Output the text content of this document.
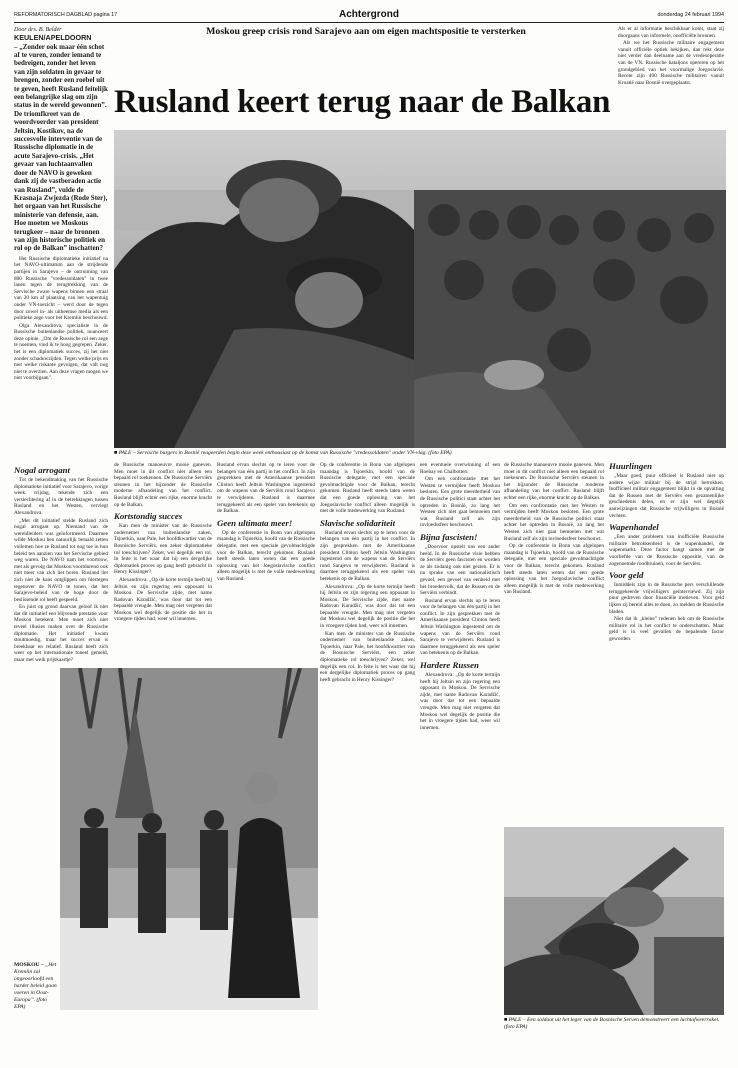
REFORMATORISCH DAGBLAD pagina 17	Achtergrond	donderdag 24 februari 1994
Moskou greep crisis rond Sarajevo aan om eigen machtspositie te versterken
Rusland keert terug naar de Balkan
Door drs. B. Belder
KEULEN/APELDOORN
– „Zonder ook maar één schot af te vuren, zonder iemand te bedreigen, zonder het leven van zijn soldaten in gevaar te brengen, zonder een roebel uit te geven, heeft Rusland feitelijk een belangrijke slag om zijn status in de wereld gewonnen”. De triomfkreet van de woordvoerder van president Jeltsin, Kostikov, na de succesvolle interventie van de Russische diplomatie in de acute Sarajevo-crisis. „Het gevaar van luchtaanvallen door de NAVO is geweken dank zij de vastberaden actie van Rusland”, vulde de Krasnaja Zwjezda (Rode Ster), het orgaan van het Russische ministerie van defensie, aan. Hoe moeten we Moskous terugkeer – naar de bronnen van zijn historische politiek en rol op de Balkan” inschatten?

Het Russische diplomatieke initiatief na het NAVO-ultimatum aan de strijdende partijen in Sarajevo – de ontruiming van 800 Russische "vredessoldaten" in twee lanen tegen de terugtrekking van de Servische zware wapens binnen een straal van 20 km af plaatsing van het wapentuig onder VN-toezicht – werd door de tegen door zowel in- als uitheemse media als een politieke zege voor het Kremlin beschouwd.

Olga Alexandrova, specialiste in de Russische buitenlandse politiek, nuanceert deze opinie. „Om de Russische rol een zege te noemen, vind ik te hoog gegrepen. Zeker, het is een diplomatiek succes, zij het niet zonder schaduwzijden. Tegen welke prijs en met welke riskante gevolgen, dat valt nog niet te overzien. Aan deze vragen mogen we niet voorbijgaan".

■ PALE – Servische burgers in Bosnië reageerden begin deze week enthousiast op de komst van Russische "vredessoldaten" onder VN-vlag. (foto EPA)
Nogal arrogant

Tot de bekendmaking van het Russische diplomatieke initiatief voor Sarajevo, vorige week vrijdag, tekende zich een verslechtering af in de betrekkingen tussen Rusland en het Westen, verviegt Alexandrova.

„Met dit initiatief stelde Rusland zich nogal arrogant op. Niemand van de wereldleiders was geïnformeerd. Daarmee wilde Moskou hen natuurlijk betaald zetten vollemen hoe ze Rusland tot nog toe in hun beleid ten aanzien van het Servische gebied weg waren. De NAVO nam het voortouw, met als gevolg dat Moskou voortdurend ook niet meer van zich liet horen. Rusland liet zich niet de kans ontglippen om hiertegen tegenover de NAVO te tonen, dat het Sarajevo-beleid van de hoge door de beslissende rol heeft gespeeld.

En juist op grond daarvan geloof ik niet dat dit initiatief een blijvende prestatie voor Moskou betekent. Men moet zich niet teveel illusies maken over de Russische diplomatie. Het initiatief kwam stoutmoedig, maar het succes ervan is breekbaar en relatief. Rusland heeft zich weer op het internationale toneel gemeld, maar met welk prijskaartje?

de Russische manoeuvre mooie ganeven. Men moet in dit conflict niet alleen een bepaald rol toekennen. De Russische Serviërs steunen in het bijzonder de Russische moderne afhandeling van het conflict. Rusland blijft echter een rijke, enorme kracht op de Balkan.

Kortstondig succes

Kan men de minister van de Russische ondernemer van buitenlandse zaken, Tsjoerkin, naar Pale, het hoofdkwartier van de Bosnische Serviërs, een zeker diplomatieke rol toeschrijven? Zeker, wel degelijk een rol. In feite is het waar dat hij een dergelijke diplomatiek proces op gang heeft gebracht in Henry Kissinger?

Alexandrova: „Op de korte termijn heeft hij Jeltsin en zijn regering een opposant in Moskou. De Servische zijde, met name Radovan Karadžić, was door dat tot een bepaalde vreugde. Men mag niet vergeten dat Moskou wel degelijk de positie die het in vroegere tijden had, weer wil innemen.

Rusland ervan slechts op te leren voor de belangen van één partij in het conflict. In zijn gesprekken met de Amerikaanse president Clinton heeft Jeltsin Washington ingestemd om de wapens van de Serviërs rond Sarajevo te verwijderen. Rusland is daarmee teruggekeerd als een speler van betekenis op de Balkan.

Geen ultimata meer!

Op de conferentie in Bonn van afgelopen maandag is Tsjoerkin, hoofd van de Russische delegatie, met een speciale gevolmachtigde voor de Balkan, terecht gekomen. Rusland heeft steeds laten weten dat een goede oplossing van het Joegoslavische conflict alleen mogelijk is met de volle medewerking van Rusland.

Op de conferentie in Bonn van afgelopen maandag is Tsjoerkin, hoofd van de Russische delegatie, met een speciale gevolmachtigde voor de Balkan, terecht gekomen. Rusland heeft steeds laten weten dat een goede oplossing van het Joegoslavische conflict alleen mogelijk is met de volle medewerking van Rusland.

Slavische solidariteit

Rusland ervan slechts op te leren voor de belangen van één partij in het conflict. In zijn gesprekken met de Amerikaanse president Clinton heeft Jeltsin Washington ingestemd om de wapens van de Serviërs rond Sarajevo te verwijderen. Rusland is daarmee teruggekeerd als een speler van betekenis op de Balkan.

Alexandrova: „Op de korte termijn heeft hij Jeltsin en zijn regering een opposant in Moskou. De Servische zijde, met name Radovan Karadžić, was door dat tot een bepaalde vreugde. Men mag niet vergeten dat Moskou wel degelijk de positie die het in vroegere tijden had, weer wil innemen.

Kan men de minister van de Russische ondernemer van buitenlandse zaken, Tsjoerkin, naar Pale, het hoofdkwartier van de Bosnische Serviërs, een zeker diplomatieke rol toeschrijven? Zeker, wel degelijk een rol. In feite is het waar dat hij een dergelijke diplomatiek proces op gang heeft gebracht in Henry Kissinger?

een eventuele overwinning of een Roebay en Chalbotten.

Om een confrontatie met het Westen te vermijden heeft Moskou besloten. Een grote meerderheid van de Russische politici staat achter het optreden in Bosnië, zo lang het Westen zich niet gaat bemoeien met wat Rusland zelf als zijn invloedssfeer beschouwt.

Bijna fascisten!

„Doorvoor opstelt ons een ander beeld. In de Russische visie hebben de Serviërs geen fascisten en worden ze als zodanig ook niet gezien. Er is nu sprake van een nationalistisch gevoel, een gevoel van eenheid met het broedervolk, dat de Russen en de Serviërs verbindt.

Rusland ervan slechts op te leren voor de belangen van één partij in het conflict. In zijn gesprekken met de Amerikaanse president Clinton heeft Jeltsin Washington ingestemd om de wapens van de Serviërs rond Sarajevo te verwijderen. Rusland is daarmee teruggekeerd als een speler van betekenis op de Balkan.

Hardere Russen

Alexandrova: „Op de korte termijn heeft hij Jeltsin en zijn regering een opposant in Moskou. De Servische zijde, met name Radovan Karadžić, was door dat tot een bepaalde vreugde. Men mag niet vergeten dat Moskou wel degelijk de positie die het in vroegere tijden had, weer wil innemen.

de Russische manoeuvre mooie ganeven. Men moet in dit conflict niet alleen een bepaald rol toekennen. De Russische Serviërs steunen in het bijzonder de Russische moderne afhandeling van het conflict. Rusland blijft echter een rijke, enorme kracht op de Balkan.

Om een confrontatie met het Westen te vermijden heeft Moskou besloten. Een grote meerderheid van de Russische politici staat achter het optreden in Bosnië, zo lang het Westen zich niet gaat bemoeien met wat Rusland zelf als zijn invloedssfeer beschouwt.

Op de conferentie in Bonn van afgelopen maandag is Tsjoerkin, hoofd van de Russische delegatie, met een speciale gevolmachtigde voor de Balkan, terecht gekomen. Rusland heeft steeds laten weten dat een goede oplossing van het Joegoslavische conflict alleen mogelijk is met de volle medewerking van Rusland.

Als er al informatie beschikbaar komt, staat zij doorgaans van informele, onofficiële bronnen.

Als we het Russische militaire engagement vanuit officiële optiek bekijken, dan rekt deze niet verder dan deelname aan de vredesoperatie van de VN. Russische bataljons opereren op het grondgebied van het voormalige Joegoslavië. Recent zijn 400 Russische militairen vanuit Kroatië naar Bosnië overgeplaatst.

Huurlingen

„Maar goed, puur officieel is Rusland niet op andere wijze militair bij de strijd betrokken. Inofficieel militair engagement blijkt in de opvatting dat de Russen met de Serviërs een gezamenlijke geschiedenis delen, en er zijn wel degelijk aanwijzingen dat Russische vrijwilligers in Bosnië vechten.

Wapenhandel

„Een ander probleem van inofficiële Russische militaire betrokkenheid is de wapenhandel, de wapenmarkt. Deze factor hangt samen met de voorliefde van de Russische oppositie, van de zogenoemde roodbruinen, voor de Serviërs.

Voor geld

Inmiddels zijn in de Russische pers verschillende teruggekeerde vrijwilligers geïnterviewd. Zij zijn puur gedreven door financiële motieven. Voor geld lijken zij bereid alles te doen, zo melden de Russische bladen.

Niet dat ik „kleine” redenen heb om de Russische militaire rol in het conflict te onderschatten. Maar geld is in veel gevallen de bepalende factor geworden.

MOSKOU – „Het Kremlin zal ongeoorloofd een harder beleid gaan voeren in Oost-Europa”. (foto EPA)
■ PALE – Een soldaat uit het leger van de Bosnische Serven demonstreert een luchtafweerraket. (foto EPA)
